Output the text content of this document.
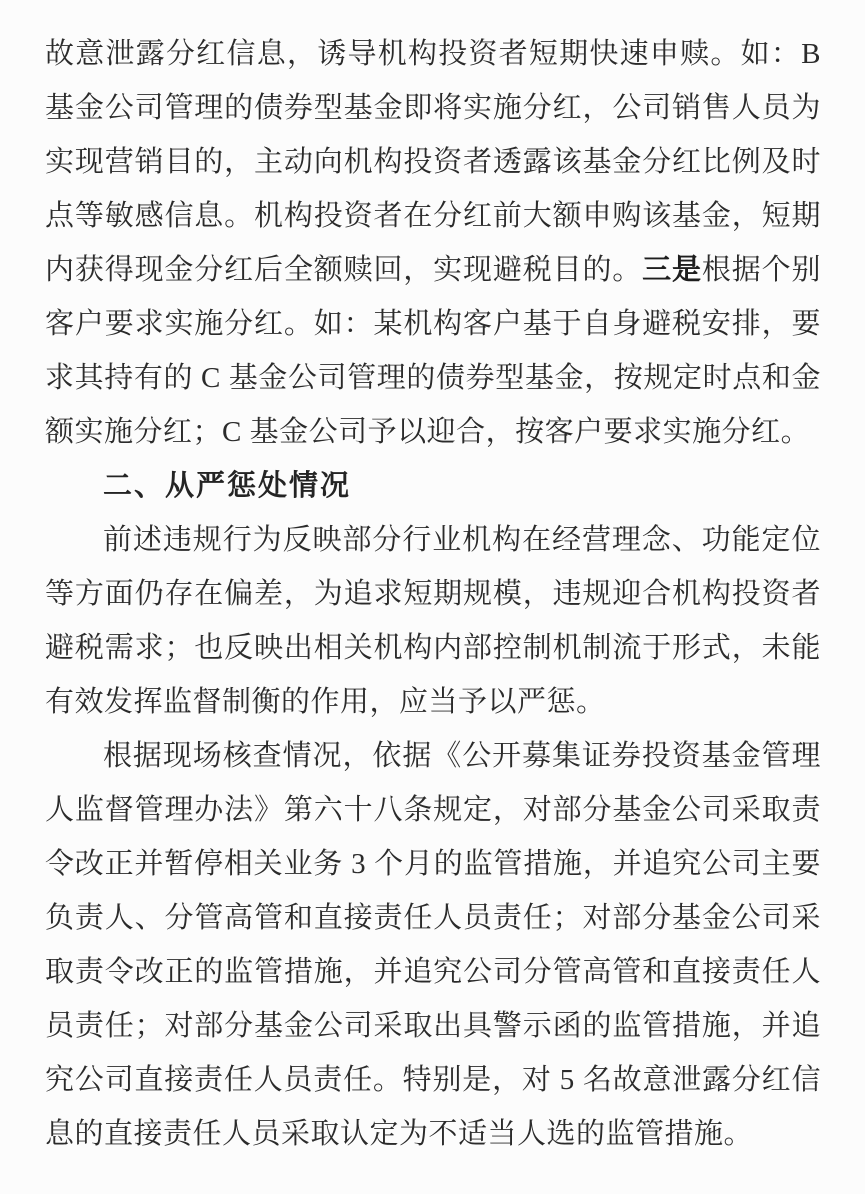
故意泄露分红信息，诱导机构投资者短期快速申赎。如：B
基金公司管理的债券型基金即将实施分红，公司销售人员为
实现营销目的，主动向机构投资者透露该基金分红比例及时
点等敏感信息。机构投资者在分红前大额申购该基金，短期
内获得现金分红后全额赎回，实现避税目的。三是根据个别
客户要求实施分红。如：某机构客户基于自身避税安排，要
求其持有的 C 基金公司管理的债券型基金，按规定时点和金
额实施分红；C 基金公司予以迎合，按客户要求实施分红。
二、从严惩处情况
前述违规行为反映部分行业机构在经营理念、功能定位
等方面仍存在偏差，为追求短期规模，违规迎合机构投资者
避税需求；也反映出相关机构内部控制机制流于形式，未能
有效发挥监督制衡的作用，应当予以严惩。
根据现场核查情况，依据《公开募集证券投资基金管理
人监督管理办法》第六十八条规定，对部分基金公司采取责
令改正并暂停相关业务 3 个月的监管措施，并追究公司主要
负责人、分管高管和直接责任人员责任；对部分基金公司采
取责令改正的监管措施，并追究公司分管高管和直接责任人
员责任；对部分基金公司采取出具警示函的监管措施，并追
究公司直接责任人员责任。特别是，对 5 名故意泄露分红信
息的直接责任人员采取认定为不适当人选的监管措施。
